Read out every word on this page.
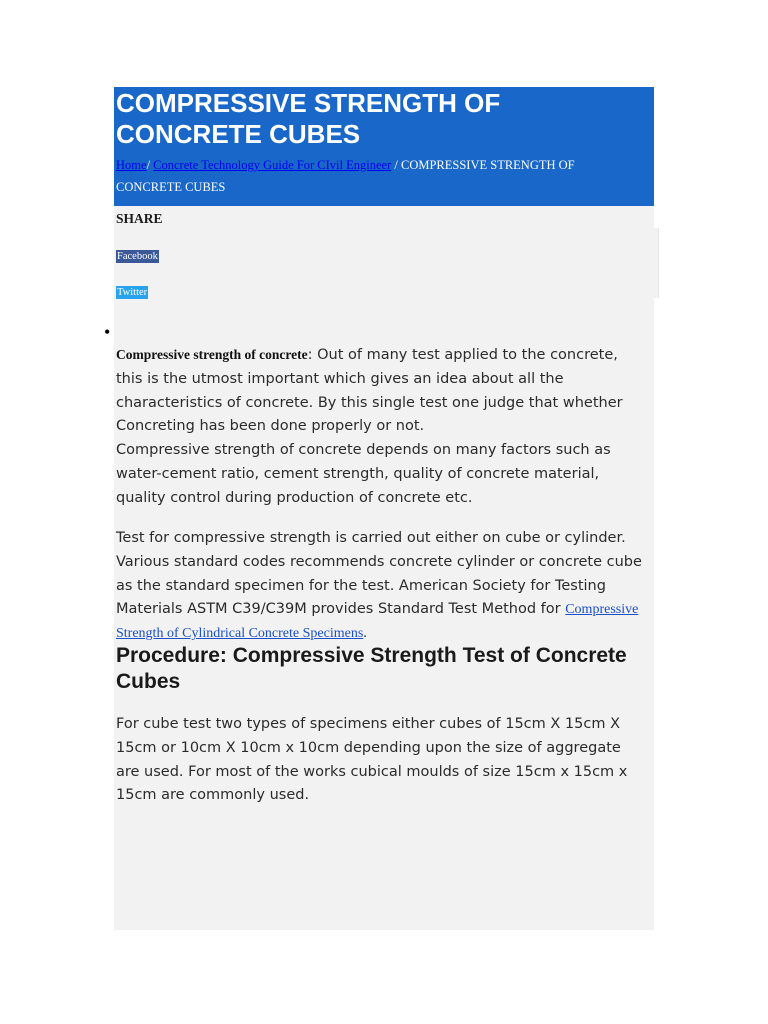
COMPRESSIVE STRENGTH OF CONCRETE CUBES
Home/ Concrete Technology Guide For CIvil Engineer / COMPRESSIVE STRENGTH OF CONCRETE CUBES

SHARE

Facebook
Twitter
•

Compressive strength of concrete: Out of many test applied to the concrete, this is the utmost important which gives an idea about all the characteristics of concrete. By this single test one judge that whether Concreting has been done properly or not.
Compressive strength of concrete depends on many factors such as water-cement ratio, cement strength, quality of concrete material, quality control during production of concrete etc.

Test for compressive strength is carried out either on cube or cylinder. Various standard codes recommends concrete cylinder or concrete cube as the standard specimen for the test. American Society for Testing Materials ASTM C39/C39M provides Standard Test Method for Compressive Strength of Cylindrical Concrete Specimens.

Procedure: Compressive Strength Test of Concrete Cubes

For cube test two types of specimens either cubes of 15cm X 15cm X 15cm or 10cm X 10cm x 10cm depending upon the size of aggregate are used. For most of the works cubical moulds of size 15cm x 15cm x 15cm are commonly used.
